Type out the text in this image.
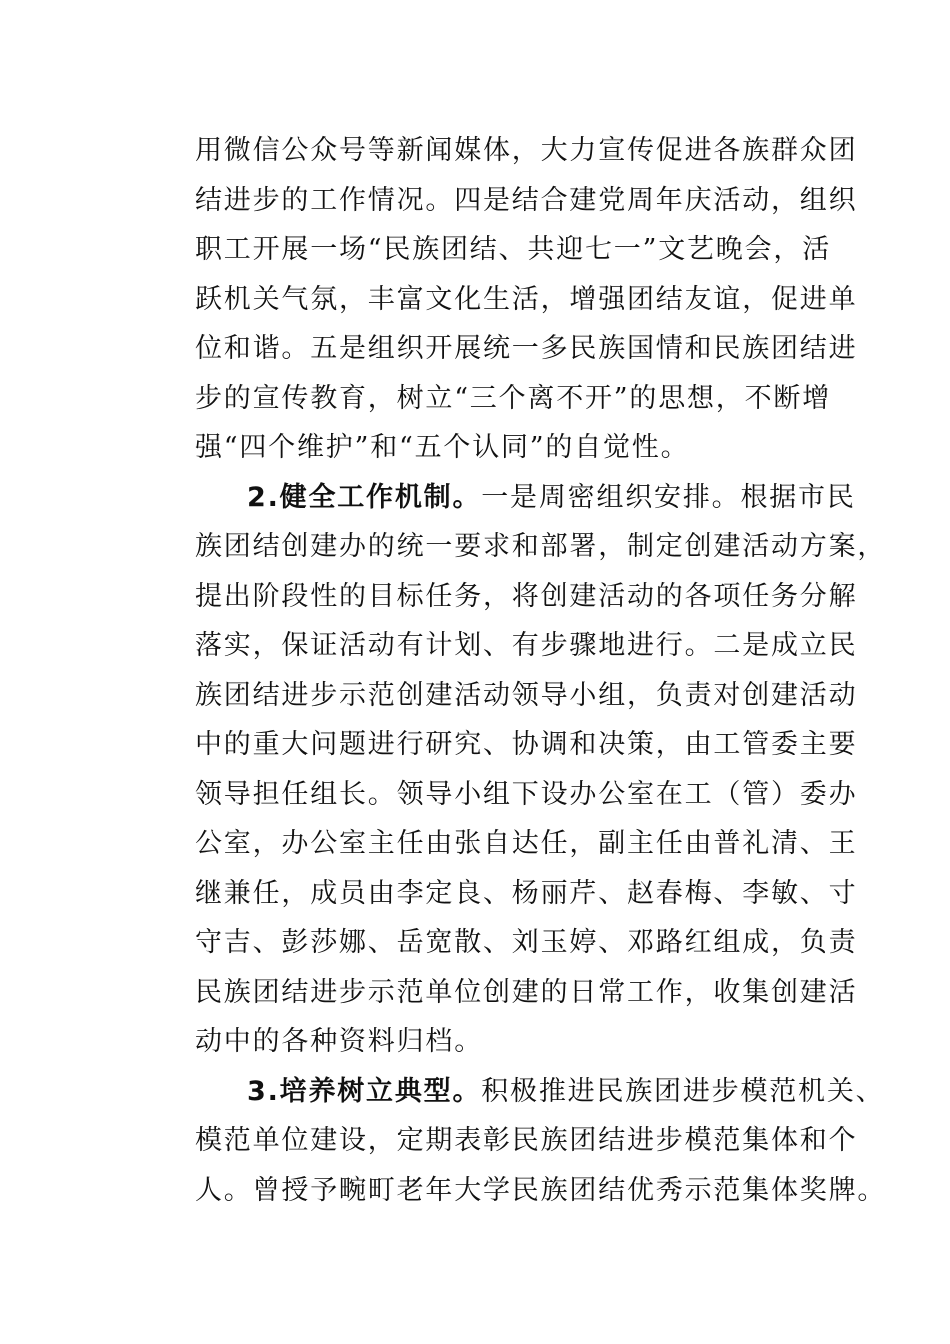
用微信公众号等新闻媒体，大力宣传促进各族群众团
结进步的工作情况。四是结合建党周年庆活动，组织
职工开展一场“民族团结、共迎七一”文艺晚会，活
跃机关气氛，丰富文化生活，增强团结友谊，促进单
位和谐。五是组织开展统一多民族国情和民族团结进
步的宣传教育，树立“三个离不开”的思想，不断增
强“四个维护”和“五个认同”的自觉性。
2.健全工作机制。一是周密组织安排。根据市民
族团结创建办的统一要求和部署，制定创建活动方案，
提出阶段性的目标任务，将创建活动的各项任务分解
落实，保证活动有计划、有步骤地进行。二是成立民
族团结进步示范创建活动领导小组，负责对创建活动
中的重大问题进行研究、协调和决策，由工管委主要
领导担任组长。领导小组下设办公室在工（管）委办
公室，办公室主任由张自达任，副主任由普礼清、王
继兼任，成员由李定良、杨丽芹、赵春梅、李敏、寸
守吉、彭莎娜、岳宽散、刘玉婷、邓路红组成，负责
民族团结进步示范单位创建的日常工作，收集创建活
动中的各种资料归档。
3.培养树立典型。积极推进民族团进步模范机关、
模范单位建设，定期表彰民族团结进步模范集体和个
人。曾授予畹町老年大学民族团结优秀示范集体奖牌。
